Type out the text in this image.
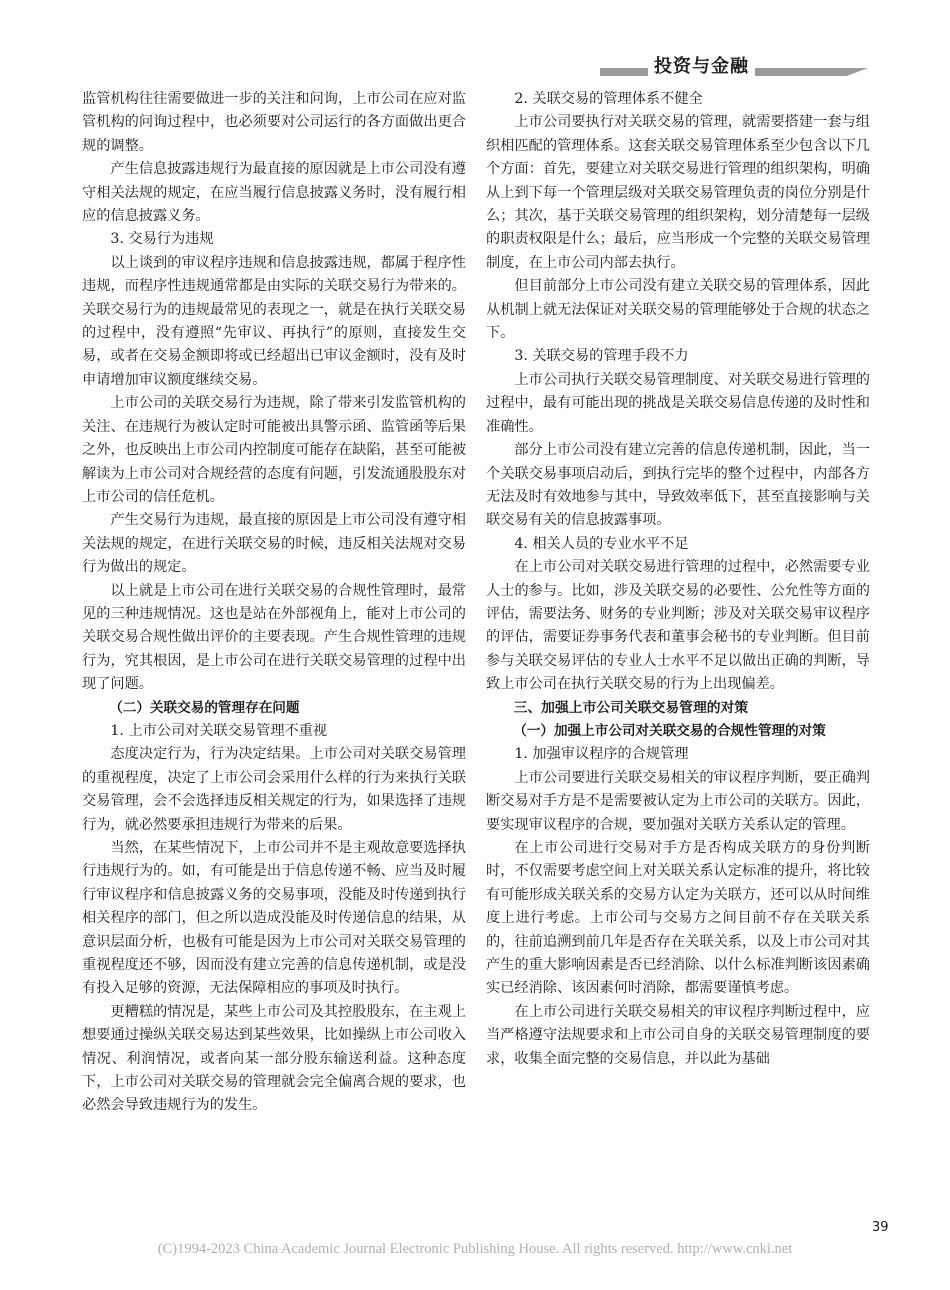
投资与金融

监管机构往往需要做进一步的关注和问询，上市公司在应对监管机构的问询过程中，也必须要对公司运行的各方面做出更合规的调整。

产生信息披露违规行为最直接的原因就是上市公司没有遵守相关法规的规定，在应当履行信息披露义务时，没有履行相应的信息披露义务。

3. 交易行为违规

以上谈到的审议程序违规和信息披露违规，都属于程序性违规，而程序性违规通常都是由实际的关联交易行为带来的。关联交易行为的违规最常见的表现之一，就是在执行关联交易的过程中，没有遵照“先审议、再执行”的原则，直接发生交易，或者在交易金额即将或已经超出已审议金额时，没有及时申请增加审议额度继续交易。

上市公司的关联交易行为违规，除了带来引发监管机构的关注、在违规行为被认定时可能被出具警示函、监管函等后果之外，也反映出上市公司内控制度可能存在缺陷，甚至可能被解读为上市公司对合规经营的态度有问题，引发流通股股东对上市公司的信任危机。

产生交易行为违规，最直接的原因是上市公司没有遵守相关法规的规定，在进行关联交易的时候，违反相关法规对交易行为做出的规定。

以上就是上市公司在进行关联交易的合规性管理时，最常见的三种违规情况。这也是站在外部视角上，能对上市公司的关联交易合规性做出评价的主要表现。产生合规性管理的违规行为，究其根因，是上市公司在进行关联交易管理的过程中出现了问题。

（二）关联交易的管理存在问题

1. 上市公司对关联交易管理不重视

态度决定行为，行为决定结果。上市公司对关联交易管理的重视程度，决定了上市公司会采用什么样的行为来执行关联交易管理，会不会选择违反相关规定的行为，如果选择了违规行为，就必然要承担违规行为带来的后果。

当然，在某些情况下，上市公司并不是主观故意要选择执行违规行为的。如，有可能是出于信息传递不畅、应当及时履行审议程序和信息披露义务的交易事项，没能及时传递到执行相关程序的部门，但之所以造成没能及时传递信息的结果，从意识层面分析，也极有可能是因为上市公司对关联交易管理的重视程度还不够，因而没有建立完善的信息传递机制，或是没有投入足够的资源，无法保障相应的事项及时执行。

更糟糕的情况是，某些上市公司及其控股股东，在主观上想要通过操纵关联交易达到某些效果，比如操纵上市公司收入情况、利润情况，或者向某一部分股东输送利益。这种态度下，上市公司对关联交易的管理就会完全偏离合规的要求，也必然会导致违规行为的发生。

2. 关联交易的管理体系不健全

上市公司要执行对关联交易的管理，就需要搭建一套与组织相匹配的管理体系。这套关联交易管理体系至少包含以下几个方面：首先，要建立对关联交易进行管理的组织架构，明确从上到下每一个管理层级对关联交易管理负责的岗位分别是什么；其次，基于关联交易管理的组织架构，划分清楚每一层级的职责权限是什么；最后，应当形成一个完整的关联交易管理制度，在上市公司内部去执行。

但目前部分上市公司没有建立关联交易的管理体系，因此从机制上就无法保证对关联交易的管理能够处于合规的状态之下。

3. 关联交易的管理手段不力

上市公司执行关联交易管理制度、对关联交易进行管理的过程中，最有可能出现的挑战是关联交易信息传递的及时性和准确性。

部分上市公司没有建立完善的信息传递机制，因此，当一个关联交易事项启动后，到执行完毕的整个过程中，内部各方无法及时有效地参与其中，导致效率低下，甚至直接影响与关联交易有关的信息披露事项。

4. 相关人员的专业水平不足

在上市公司对关联交易进行管理的过程中，必然需要专业人士的参与。比如，涉及关联交易的必要性、公允性等方面的评估，需要法务、财务的专业判断；涉及对关联交易审议程序的评估，需要证券事务代表和董事会秘书的专业判断。但目前参与关联交易评估的专业人士水平不足以做出正确的判断，导致上市公司在执行关联交易的行为上出现偏差。

三、加强上市公司关联交易管理的对策

（一）加强上市公司对关联交易的合规性管理的对策

1. 加强审议程序的合规管理

上市公司要进行关联交易相关的审议程序判断，要正确判断交易对手方是不是需要被认定为上市公司的关联方。因此，要实现审议程序的合规，要加强对关联方关系认定的管理。

在上市公司进行交易对手方是否构成关联方的身份判断时，不仅需要考虑空间上对关联关系认定标准的提升，将比较有可能形成关联关系的交易方认定为关联方，还可以从时间维度上进行考虑。上市公司与交易方之间目前不存在关联关系的，往前追溯到前几年是否存在关联关系，以及上市公司对其产生的重大影响因素是否已经消除、以什么标准判断该因素确实已经消除、该因素何时消除，都需要谨慎考虑。

在上市公司进行关联交易相关的审议程序判断过程中，应当严格遵守法规要求和上市公司自身的关联交易管理制度的要求，收集全面完整的交易信息，并以此为基础

39
(C)1994-2023 China Academic Journal Electronic Publishing House. All rights reserved. http://www.cnki.net
